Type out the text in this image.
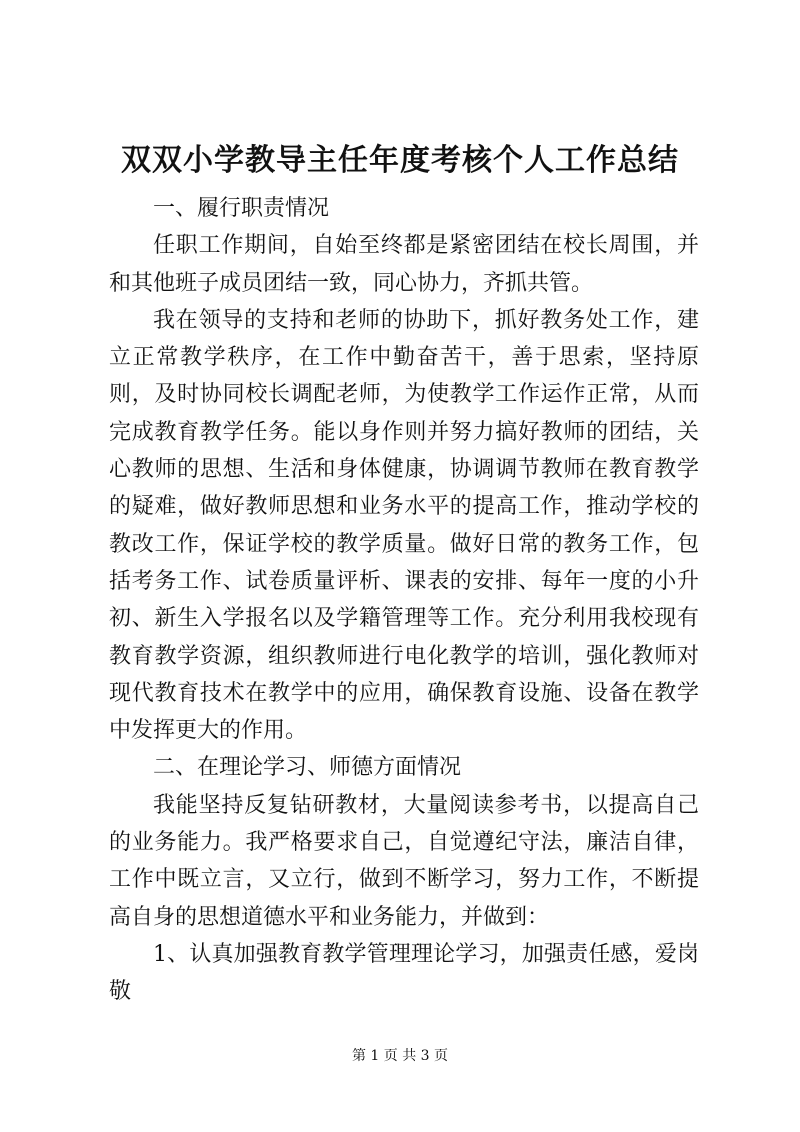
双双小学教导主任年度考核个人工作总结

一、履行职责情况

任职工作期间，自始至终都是紧密团结在校长周围，并和其他班子成员团结一致，同心协力，齐抓共管。

我在领导的支持和老师的协助下，抓好教务处工作，建立正常教学秩序，在工作中勤奋苦干，善于思索，坚持原则，及时协同校长调配老师，为使教学工作运作正常，从而完成教育教学任务。能以身作则并努力搞好教师的团结，关心教师的思想、生活和身体健康，协调调节教师在教育教学的疑难，做好教师思想和业务水平的提高工作，推动学校的教改工作，保证学校的教学质量。做好日常的教务工作，包括考务工作、试卷质量评析、课表的安排、每年一度的小升初、新生入学报名以及学籍管理等工作。充分利用我校现有教育教学资源，组织教师进行电化教学的培训，强化教师对现代教育技术在教学中的应用，确保教育设施、设备在教学中发挥更大的作用。

二、在理论学习、师德方面情况

我能坚持反复钻研教材，大量阅读参考书，以提高自己的业务能力。我严格要求自己，自觉遵纪守法，廉洁自律，工作中既立言，又立行，做到不断学习，努力工作，不断提高自身的思想道德水平和业务能力，并做到：

1、认真加强教育教学管理理论学习，加强责任感，爱岗敬

第 1 页 共 3 页
